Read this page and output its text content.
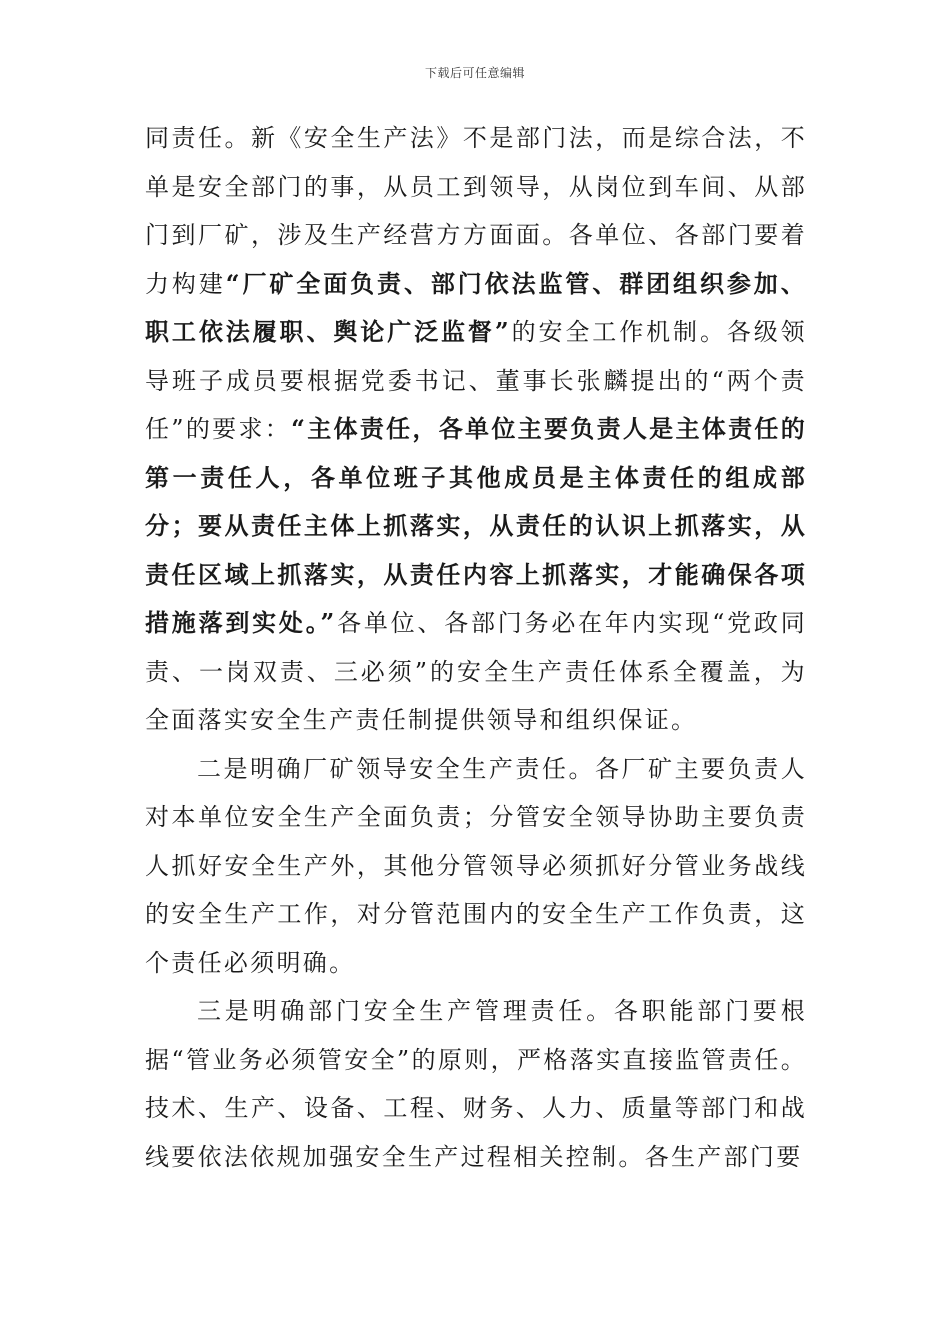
下载后可任意编辑

同责任。新《安全生产法》不是部门法，而是综合法，不单是安全部门的事，从员工到领导，从岗位到车间、从部门到厂矿，涉及生产经营方方面面。各单位、各部门要着力构建“厂矿全面负责、部门依法监管、群团组织参加、职工依法履职、舆论广泛监督”的安全工作机制。各级领导班子成员要根据党委书记、董事长张麟提出的“两个责任”的要求：“主体责任，各单位主要负责人是主体责任的第一责任人，各单位班子其他成员是主体责任的组成部分；要从责任主体上抓落实，从责任的认识上抓落实，从责任区域上抓落实，从责任内容上抓落实，才能确保各项措施落到实处。”各单位、各部门务必在年内实现“党政同责、一岗双责、三必须”的安全生产责任体系全覆盖，为全面落实安全生产责任制提供领导和组织保证。

二是明确厂矿领导安全生产责任。各厂矿主要负责人对本单位安全生产全面负责；分管安全领导协助主要负责人抓好安全生产外，其他分管领导必须抓好分管业务战线的安全生产工作，对分管范围内的安全生产工作负责，这个责任必须明确。

三是明确部门安全生产管理责任。各职能部门要根据“管业务必须管安全”的原则，严格落实直接监管责任。技术、生产、设备、工程、财务、人力、质量等部门和战线要依法依规加强安全生产过程相关控制。各生产部门要
